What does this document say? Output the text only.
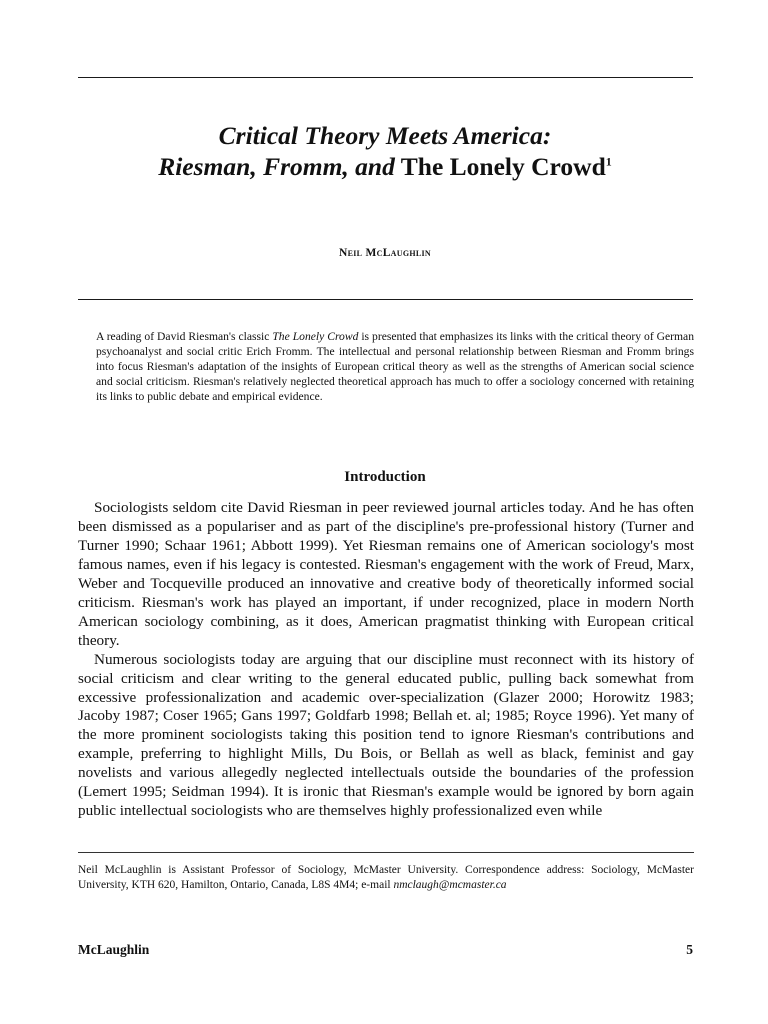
Critical Theory Meets America:
Riesman, Fromm, and The Lonely Crowd$^1$
Neil McLaughlin
A reading of David Riesman's classic The Lonely Crowd is presented that emphasizes its links with the critical theory of German psychoanalyst and social critic Erich Fromm. The intellectual and personal relationship between Riesman and Fromm brings into focus Riesman's adaptation of the insights of European critical theory as well as the strengths of American social science and social criticism. Riesman's relatively neglected theoretical approach has much to offer a sociology concerned with retaining its links to public debate and empirical evidence.
Introduction

Sociologists seldom cite David Riesman in peer reviewed journal articles today. And he has often been dismissed as a populariser and as part of the discipline's pre-professional history (Turner and Turner 1990; Schaar 1961; Abbott 1999). Yet Riesman remains one of American sociology's most famous names, even if his legacy is contested. Riesman's engagement with the work of Freud, Marx, Weber and Tocqueville produced an innovative and creative body of theoretically informed social criticism. Riesman's work has played an important, if under recognized, place in modern North American sociology combining, as it does, American pragmatist thinking with European critical theory.

Numerous sociologists today are arguing that our discipline must reconnect with its history of social criticism and clear writing to the general educated public, pulling back somewhat from excessive professionalization and academic over-specialization (Glazer 2000; Horowitz 1983; Jacoby 1987; Coser 1965; Gans 1997; Goldfarb 1998; Bellah et. al; 1985; Royce 1996). Yet many of the more prominent sociologists taking this position tend to ignore Riesman's contributions and example, preferring to highlight Mills, Du Bois, or Bellah as well as black, feminist and gay novelists and various allegedly neglected intellectuals outside the boundaries of the profession (Lemert 1995; Seidman 1994). It is ironic that Riesman's example would be ignored by born again public intellectual sociologists who are themselves highly professionalized even while

Neil McLaughlin is Assistant Professor of Sociology, McMaster University. Correspondence address: Sociology, McMaster University, KTH 620, Hamilton, Ontario, Canada, L8S 4M4; e-mail nmclaugh@mcmaster.ca
McLaughlin	5
